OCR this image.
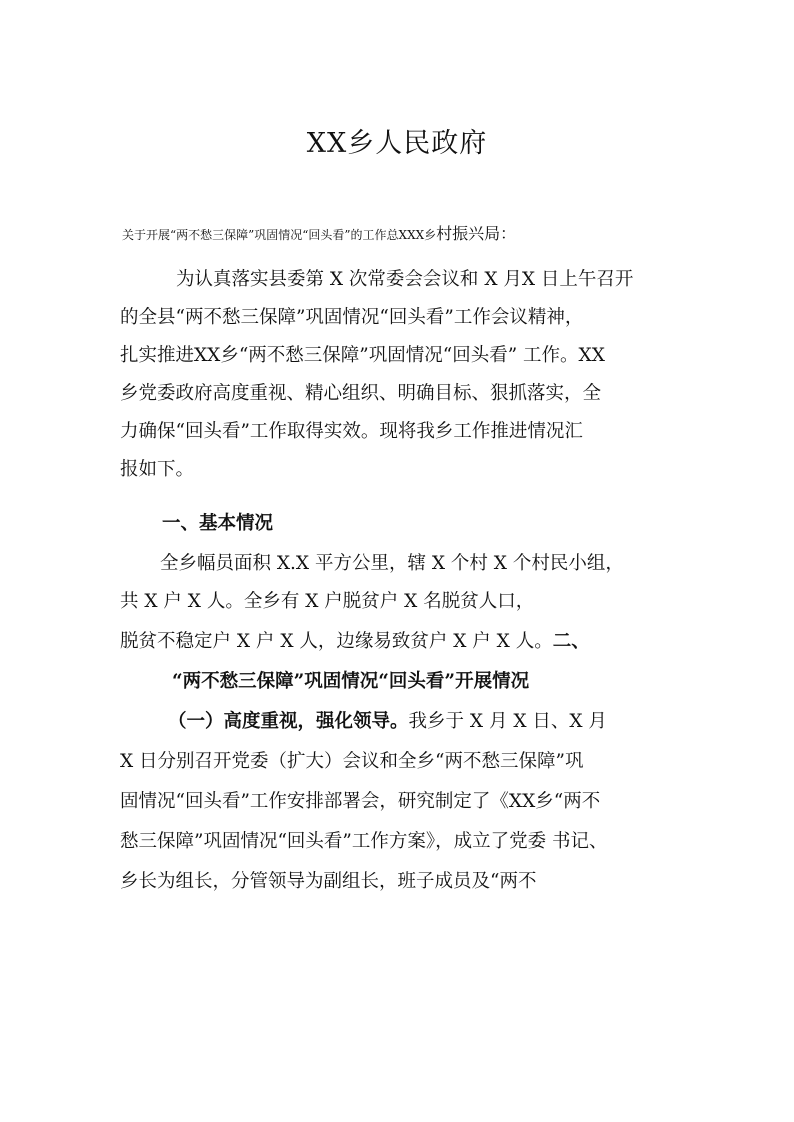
XX乡人民政府
关于开展“两不愁三保障”巩固情况“回头看”的工作总XXX乡村振兴局：
为认真落实县委第 X 次常委会会议和 X 月X 日上午召开
的全县“两不愁三保障”巩固情况“回头看”工作会议精神，
扎实推进XX乡“两不愁三保障”巩固情况“回头看” 工作。XX
乡党委政府高度重视、精心组织、明确目标、狠抓落实，全
力确保“回头看”工作取得实效。现将我乡工作推进情况汇
报如下。
一、基本情况
全乡幅员面积 X.X 平方公里，辖 X 个村 X 个村民小组，
共 X 户 X 人。全乡有 X 户脱贫户 X 名脱贫人口，
脱贫不稳定户 X 户 X 人，边缘易致贫户 X 户 X 人。二、
“两不愁三保障”巩固情况“回头看”开展情况
（一）高度重视，强化领导。我乡于 X 月 X 日、X 月
X 日分别召开党委（扩大）会议和全乡“两不愁三保障”巩
固情况“回头看”工作安排部署会，研究制定了《XX乡“两不
愁三保障”巩固情况“回头看”工作方案》，成立了党委 书记、
乡长为组长，分管领导为副组长，班子成员及“两不
